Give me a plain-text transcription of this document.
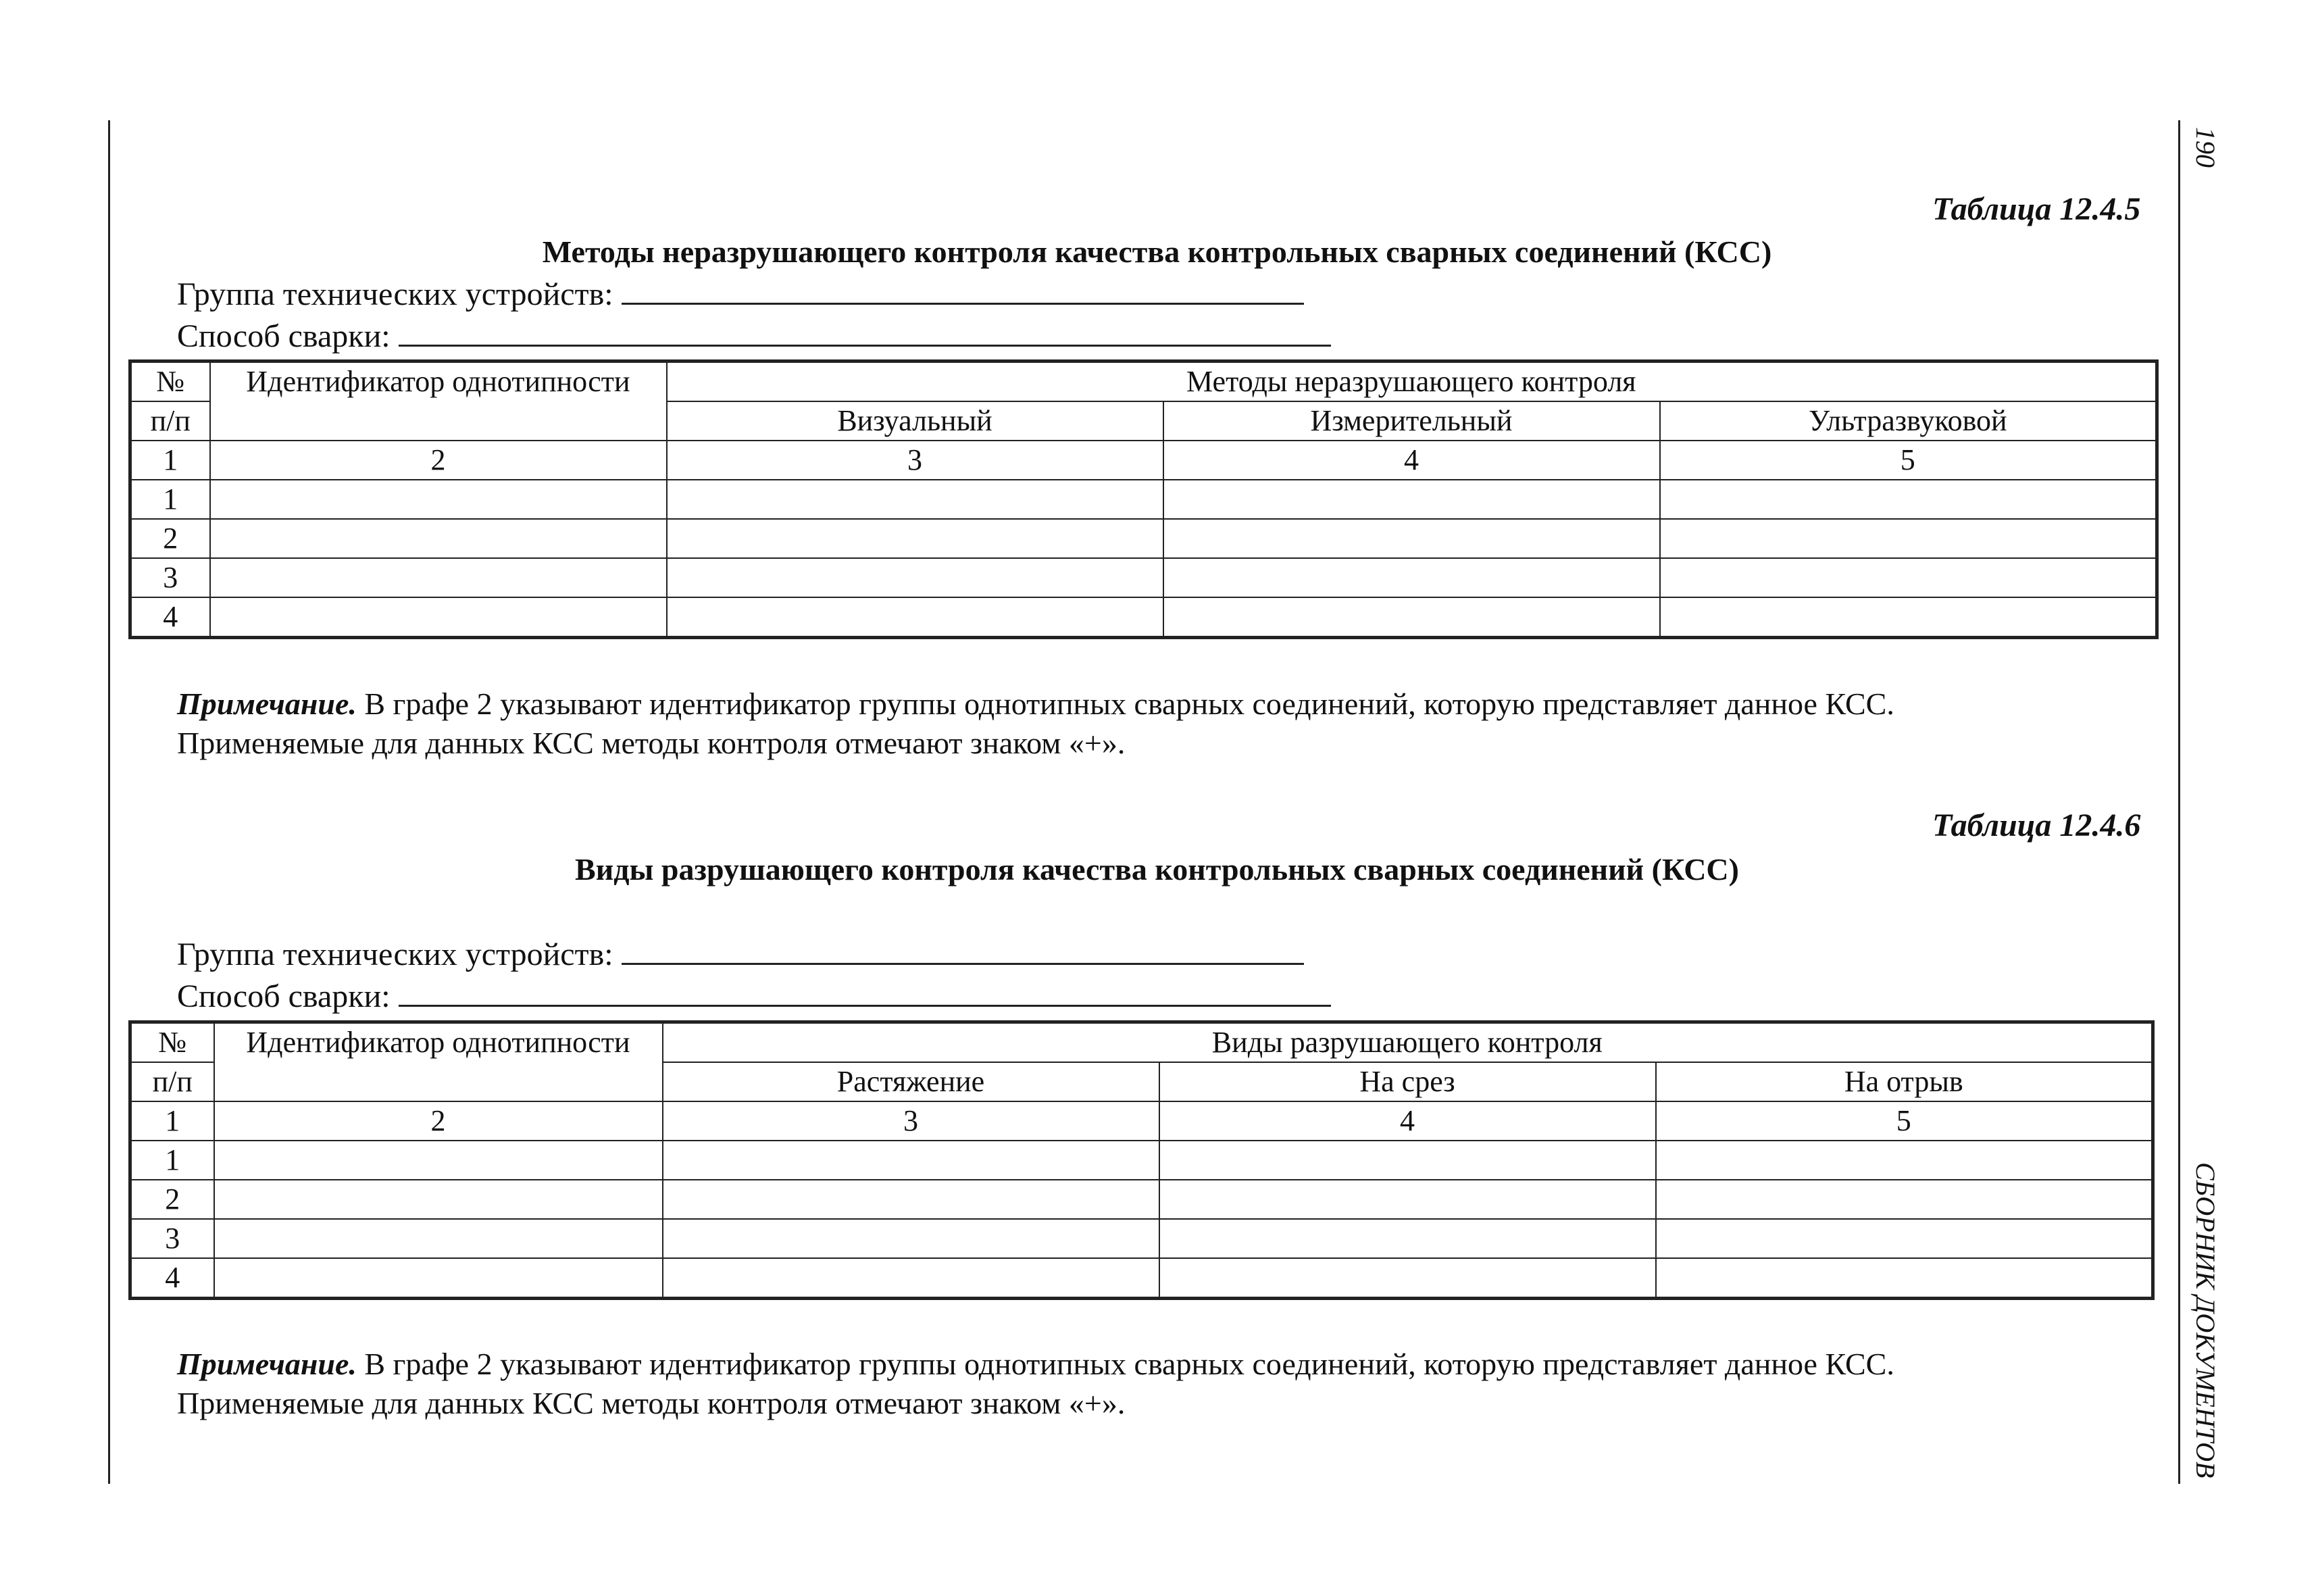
190
СБОРНИК ДОКУМЕНТОВ
Таблица 12.4.5
Методы неразрушающего контроля качества контрольных сварных соединений (КСС)
Группа технических устройств:
Способ сварки:
№	Идентификатор однотипности	Методы неразрушающего контроля		
п/п		Визуальный	Измерительный	Ультразвуковой
1	2	3	4	5
1				
2				
3				
4				
Примечание. В графе 2 указывают идентификатор группы однотипных сварных соединений, которую представляет данное КСС.
Применяемые для данных КСС методы контроля отмечают знаком «+».
Таблица 12.4.6
Виды разрушающего контроля качества контрольных сварных соединений (КСС)
Группа технических устройств:
Способ сварки:
№	Идентификатор однотипности	Виды разрушающего контроля		
п/п		Растяжение	На срез	На отрыв
1	2	3	4	5
1				
2				
3				
4				
Примечание. В графе 2 указывают идентификатор группы однотипных сварных соединений, которую представляет данное КСС.
Применяемые для данных КСС методы контроля отмечают знаком «+».
